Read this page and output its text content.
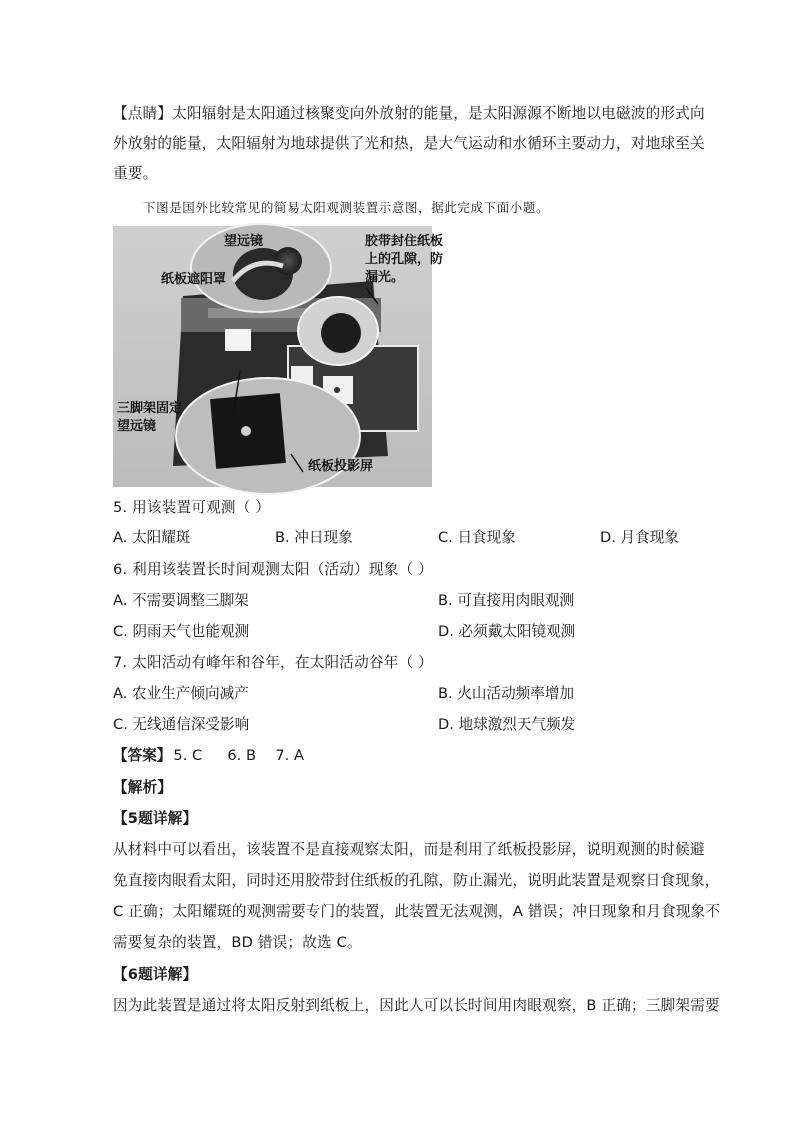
【点睛】太阳辐射是太阳通过核聚变向外放射的能量，是太阳源源不断地以电磁波的形式向
外放射的能量，太阳辐射为地球提供了光和热，是大气运动和水循环主要动力，对地球至关
重要。
下图是国外比较常见的简易太阳观测装置示意图，据此完成下面小题。
望远镜
纸板遮阳罩
胶带封住纸板
上的孔隙，防
漏光。
三脚架固定
望远镜
纸板投影屏
5. 用该装置可观测（ ）
A. 太阳耀斑	B. 冲日现象	C. 日食现象	D. 月食现象
6. 利用该装置长时间观测太阳（活动）现象（ ）
A. 不需要调整三脚架	B. 可直接用肉眼观测
C. 阴雨天气也能观测	D. 必须戴太阳镜观测
7. 太阳活动有峰年和谷年，在太阳活动谷年（ ）
A. 农业生产倾向减产	B. 火山活动频率增加
C. 无线通信深受影响	D. 地球激烈天气频发
【答案】 5. C 6. B 7. A
【解析】
【5题详解】
从材料中可以看出，该装置不是直接观察太阳，而是利用了纸板投影屏，说明观测的时候避
免直接肉眼看太阳，同时还用胶带封住纸板的孔隙，防止漏光，说明此装置是观察日食现象，
C 正确；太阳耀斑的观测需要专门的装置，此装置无法观测，A 错误；冲日现象和月食现象不
需要复杂的装置，BD 错误；故选 C。
【6题详解】
因为此装置是通过将太阳反射到纸板上，因此人可以长时间用肉眼观察，B 正确；三脚架需要
